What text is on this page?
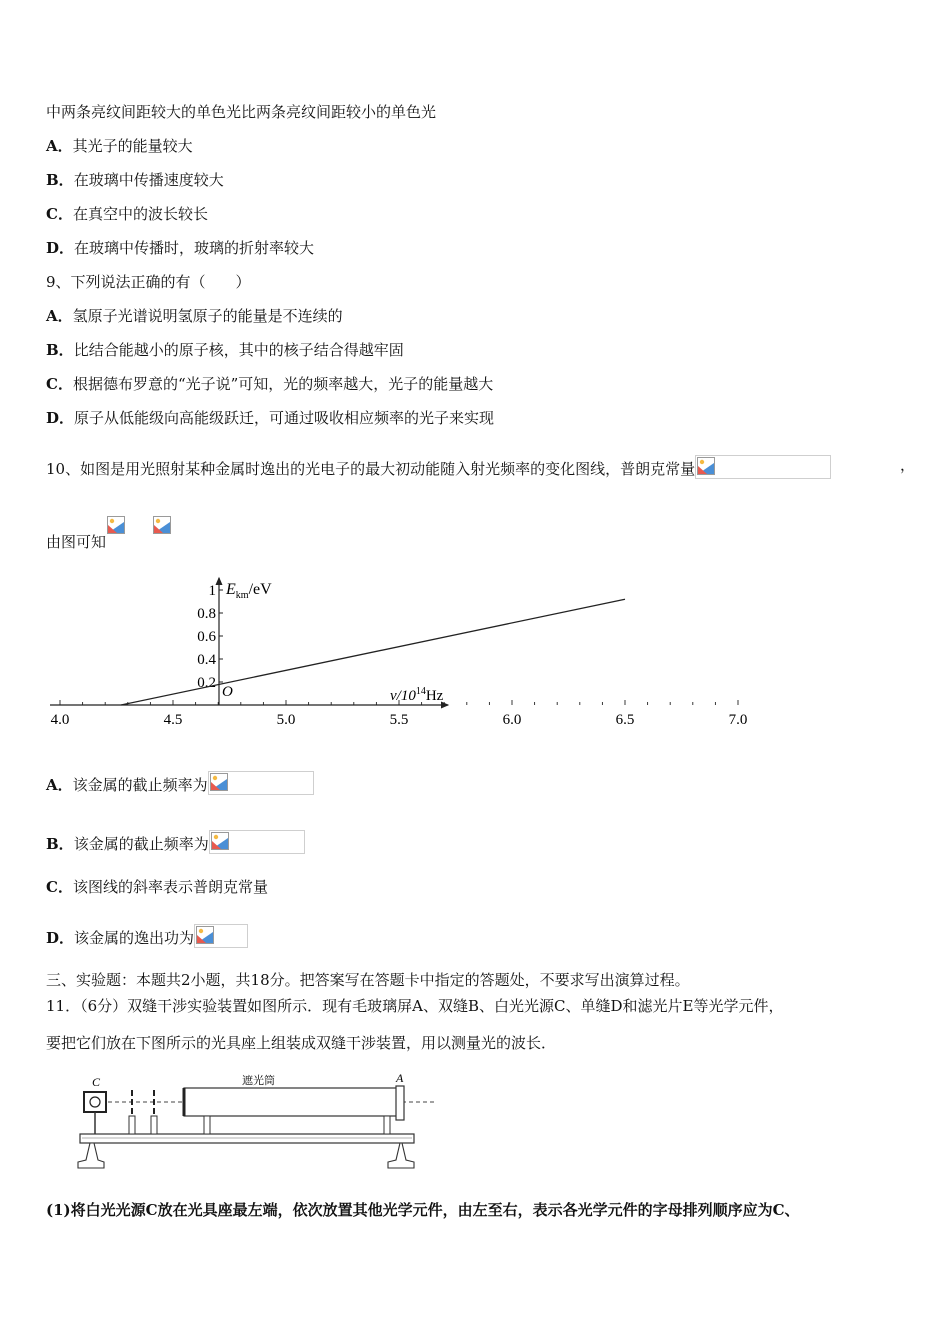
中两条亮纹间距较大的单色光比两条亮纹间距较小的单色光
A．其光子的能量较大
B．在玻璃中传播速度较大
C．在真空中的波长较长
D．在玻璃中传播时，玻璃的折射率较大
9、下列说法正确的有（　　）
A．氢原子光谱说明氢原子的能量是不连续的
B．比结合能越小的原子核，其中的核子结合得越牢固
C．根据德布罗意的“光子说”可知，光的频率越大，光子的能量越大
D．原子从低能级向高能级跃迁，可通过吸收相应频率的光子来实现
10、如图是用光照射某种金属时逸出的光电子的最大初动能随入射光频率的变化图线，普朗克常量	，
由图可知
4.0	4.5	5.0	5.5	6.0	6.5	7.0
0.2
0.4
0.6
0.8
1
O
$E_{km}/eV$
$\nu/10^{14}Hz$
A．该金属的截止频率为
B．该金属的截止频率为
C．该图线的斜率表示普朗克常量
D．该金属的逸出功为
三、实验题：本题共2小题，共18分。把答案写在答题卡中指定的答题处，不要求写出演算过程。
11．（6分）双缝干涉实验装置如图所示．现有毛玻璃屏A、双缝B、白光光源C、单缝D和滤光片E等光学元件，
要把它们放在下图所示的光具座上组装成双缝干涉装置，用以测量光的波长．
C	遮光筒	A
(1)将白光光源C放在光具座最左端，依次放置其他光学元件，由左至右，表示各光学元件的字母排列顺序应为C、
